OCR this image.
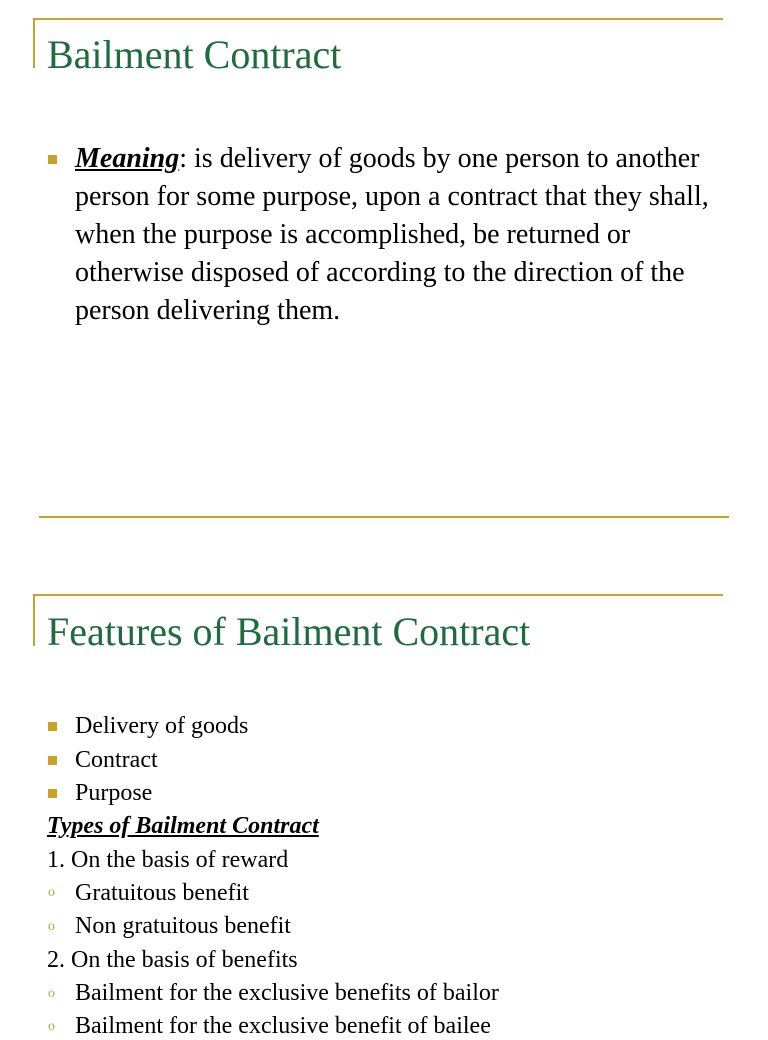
Bailment Contract

Meaning: is delivery of goods by one person to another person for some purpose, upon a contract that they shall, when the purpose is accomplished, be returned or otherwise disposed of according to the direction of the person delivering them.

Features of Bailment Contract
Delivery of goods
Contract
Purpose
Types of Bailment Contract
1. On the basis of reward
o Gratuitous benefit
o Non gratuitous benefit
2. On the basis of benefits
o Bailment for the exclusive benefits of bailor
o Bailment for the exclusive benefit of bailee
